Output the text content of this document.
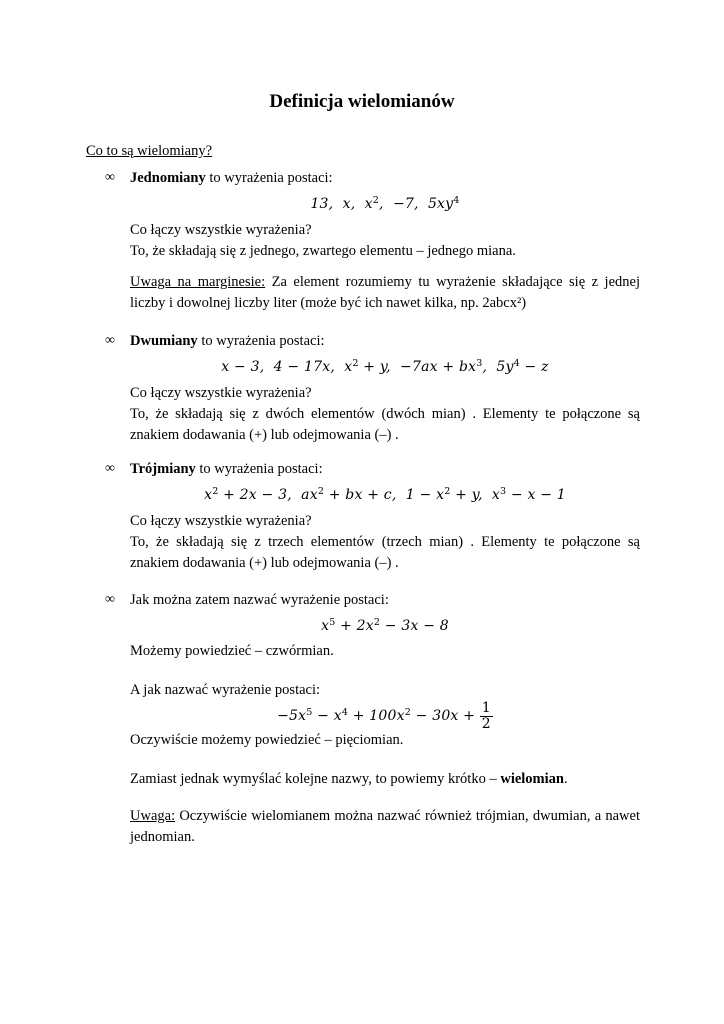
Definicja wielomianów
Co to są wielomiany?
∞ Jednomiany to wyrażenia postaci:
13,  x,  $x^2$,  −7,  $5xy^4$
Co łączy wszystkie wyrażenia?
To, że składają się z jednego, zwartego elementu – jednego miana.
Uwaga na marginesie: Za element rozumiemy tu wyrażenie składające się z jednej liczby i dowolnej liczby liter (może być ich nawet kilka, np. 2abcx²)
∞ Dwumiany to wyrażenia postaci:
x − 3,  4 − 17x,  $x^2 + y$,  $-7ax + bx^3$,  $5y^4 - z$
Co łączy wszystkie wyrażenia?
To, że składają się z dwóch elementów (dwóch mian) . Elementy te połączone są znakiem dodawania (+) lub odejmowania (–) .
∞ Trójmiany to wyrażenia postaci:
$x^2 + 2x - 3$,  $ax^2$ + bx + c,  $1 - x^2 + y$,  $x^3 - x - 1$
Co łączy wszystkie wyrażenia?
To, że składają się z trzech elementów (trzech mian) . Elementy te połączone są znakiem dodawania (+) lub odejmowania (–) .
∞ Jak można zatem nazwać wyrażenie postaci:
$x^5 + 2x^2 - 3x - 8$
Możemy powiedzieć – czwórmian.
A jak nazwać wyrażenie postaci:
$-5x^5 - x^4 + 100x^2 - 30x + \frac{1}{2}$
Oczywiście możemy powiedzieć – pięciomian.
Zamiast jednak wymyślać kolejne nazwy, to powiemy krótko – wielomian.
Uwaga: Oczywiście wielomianem można nazwać również trójmian, dwumian, a nawet jednomian.
